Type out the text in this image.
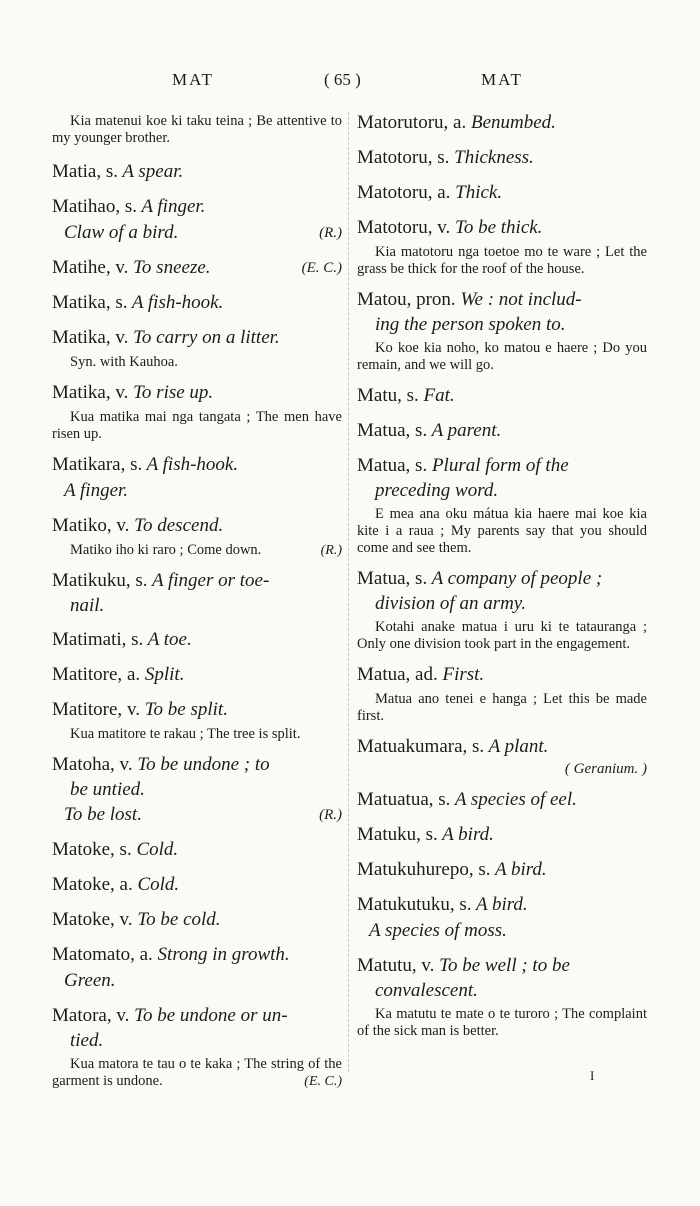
MAT	( 65 )	MAT
Kia matenui koe ki taku teina ; Be attentive to my younger brother.
Matia, s. A spear.
Matihao, s. A finger.
(R.)
Claw of a bird.
(E. C.)
Matihe, v. To sneeze.
Matika, s. A fish-hook.
Matika, v. To carry on a litter.
Syn. with Kauhoa.
Matika, v. To rise up.
Kua matika mai nga tangata ; The men have risen up.
Matikara, s. A fish-hook.
A finger.
Matiko, v. To descend.
Matiko iho ki raro ; Come down.	(R.)
Matikuku, s. A finger or toe-
nail.
Matimati, s. A toe.
Matitore, a. Split.
Matitore, v. To be split.
Kua matitore te rakau ; The tree is split.
Matoha, v. To be undone ; to
be untied.
(R.)
To be lost.
Matoke, s. Cold.
Matoke, a. Cold.
Matoke, v. To be cold.
Matomato, a. Strong in growth.
Green.
Matora, v. To be undone or un-
tied.
Kua matora te tau o te kaka ; The string of the garment is undone.	(E. C.)
Matorutoru, a. Benumbed.
Matotoru, s. Thickness.
Matotoru, a. Thick.
Matotoru, v. To be thick.
Kia matotoru nga toetoe mo te ware ; Let the grass be thick for the roof of the house.
Matou, pron. We : not includ-
ing the person spoken to.
Ko koe kia noho, ko matou e haere ; Do you remain, and we will go.
Matu, s. Fat.
Matua, s. A parent.
Matua, s. Plural form of the
preceding word.
E mea ana oku mátua kia haere mai koe kia kite i a raua ; My parents say that you should come and see them.
Matua, s. A company of people ;
division of an army.
Kotahi anake matua i uru ki te tatauranga ; Only one division took part in the engagement.
Matua, ad. First.
Matua ano tenei e hanga ; Let this be made first.
Matuakumara, s. A plant.
( Geranium. )
Matuatua, s. A species of eel.
Matuku, s. A bird.
Matukuhurepo, s. A bird.
Matukutuku, s. A bird.
A species of moss.
Matutu, v. To be well ; to be
convalescent.
Ka matutu te mate o te turoro ; The complaint of the sick man is better.
I
